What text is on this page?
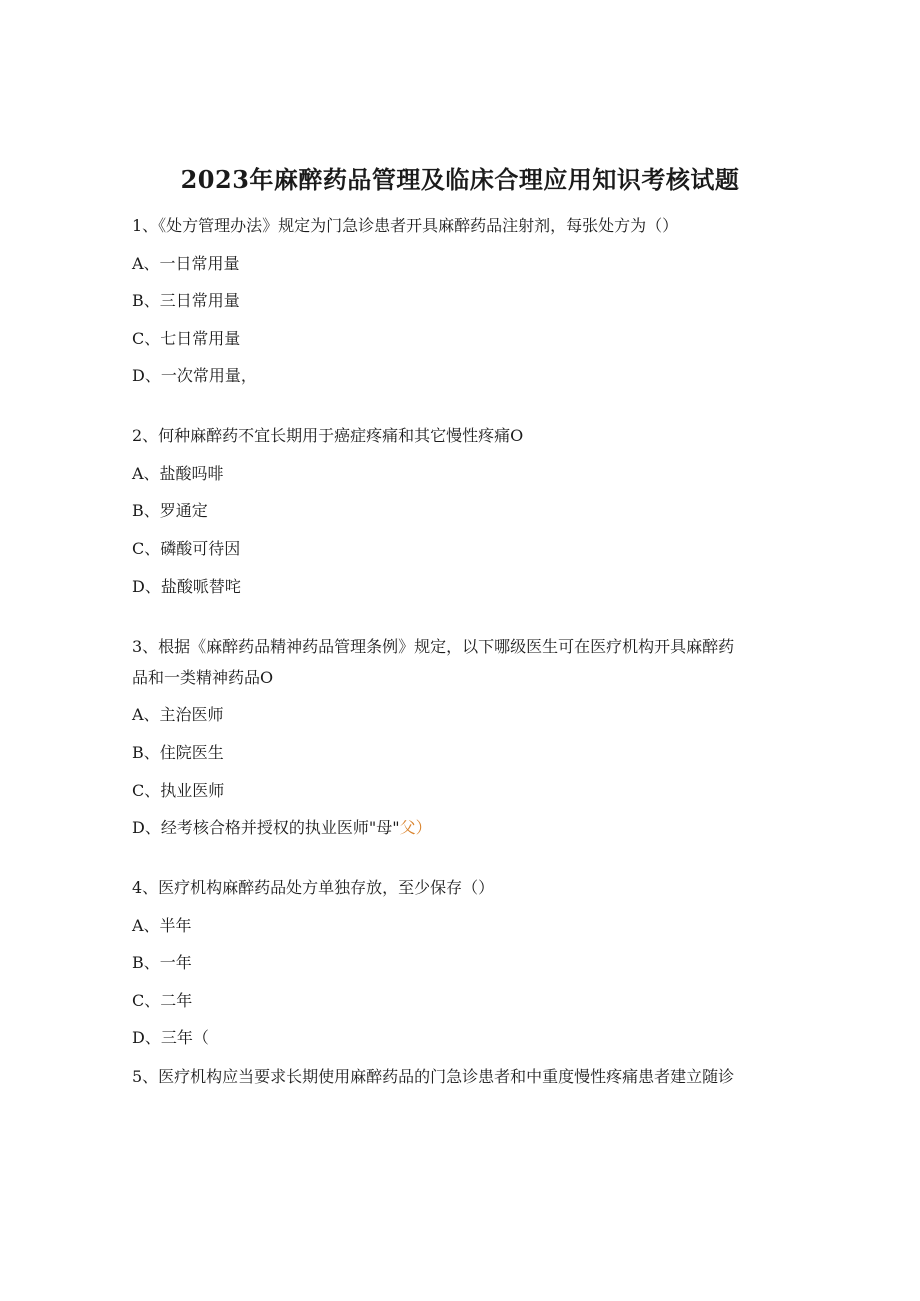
2023年麻醉药品管理及临床合理应用知识考核试题
1、《处方管理办法》规定为门急诊患者开具麻醉药品注射剂，每张处方为（）
A、一日常用量
B、三日常用量
C、七日常用量
D、一次常用量，
2、何种麻醉药不宜长期用于癌症疼痛和其它慢性疼痛O
A、盐酸吗啡
B、罗通定
C、磷酸可待因
D、盐酸哌替咤
3、根据《麻醉药品精神药品管理条例》规定，以下哪级医生可在医疗机构开具麻醉药
品和一类精神药品O
A、主治医师
B、住院医生
C、执业医师
D、经考核合格并授权的执业医师"母"父）
4、医疗机构麻醉药品处方单独存放，至少保存（）
A、半年
B、一年
C、二年
D、三年（
5、医疗机构应当要求长期使用麻醉药品的门急诊患者和中重度慢性疼痛患者建立随诊
